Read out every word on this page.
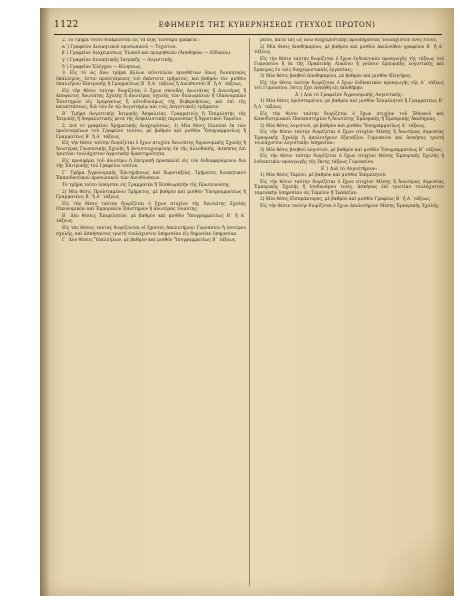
1122	ΕΦΗΜΕΡΙΣ ΤΗΣ ΚΥΒΕΡΝΗΣΕΩΣ (ΤΕΥΧΟΣ ΠΡΩΤΟΝ)

2. Τὸ Τμῆμα τοῦτο διακρίνεται εἰς τὰ ἑξῆς τέσσαρα γραφεῖα :

α΄) Γραφεῖον Διοικητικοῦ προσωπικοῦ — Τεχνίτου.

β΄) Γραφεῖον Διαχειρίσεως Ὑλικοῦ καὶ προμηθειῶν (Ἀποθηκῶν — Εἰδικῶν).

γ΄) Γραφεῖον Διοικητικῆς Ἰατρικῆς — Λογιστικῆς.

δ΄) Γραφεῖον Ἐλέγχου — Κίνησεως.

3. Εἰς τὸ ὡς ἄνω τμῆμα ἄλλων αὐτοτελῶν προσθέτων ὅπως διοικητικὸς ὑπάλληλος, ἐστιν προϊστάμενος τοῦ ἐκάστοτε τμήματος, καὶ βαθμὸν τὸν μισθὸν ὑπαλλήλου Ἐπιτροπῆς ἢ Γραμματέως Β΄ ἢ Α΄ τάξεως ἢ Διευθυντοῦ Β΄ ἢ Α΄ τάξεως.

Εἰς τὴν θέσιν ταύτην διορίζεται ὁ ἔχων σπουδὰς ἀνωτάτας ἢ ἀνωτέρας ἢ ἀποφοίτος Ἀνωτάτης Σχολῆς ἢ ἀνωτέρας σχολῆς τῶν διπλωμάτων ἢ Οἰκονομικῶν Ἐπιστημῶν εἰς ἐμπράκτως ἢ αὐτοδυνάμως τῆς Κυβερνήσεως, καὶ ἐπὶ τῆς καταστάσεως, διὰ τῶν ἐν τῷ Λογιστηρίῳ καὶ τοῖς Λογιστικοῖς τμήμασιν.

Β΄ Τμῆμα Λογιστικῆς Ἰατρικῆς Ἀσφαλείας. Γραμματεὺς ἢ Ἐπιμελητὴς τῆς Ἰατρικῆς ἢ Ἀσφαλιστικῆς μετὰ τῆς ἀσφαλιστικῆς περιουσίας ἢ Ἀγροτικοῦ Ταμείου.

2. Διὰ τὸ γραφεῖον Χρηματικῆς Διαχειρίσεως. 1) Μία θέσις ἐλλείπει ἐκ τῶν προϊσταμένων τοῦ Γραφείου τούτου, μὲ βαθμὸν καὶ μισθὸν Ὑπογραμματέως ἢ Γραμματέως Β΄ ἢ Α΄ τάξεως.

Εἰς τὴν θέσιν ταύτην διορίζεται ὁ ἔχων πτυχίον Ἀνωτάτης Ἀγρονομικῆς Σχολῆς ἢ Ἀνωτέρας Γεωπονικῆς Σχολῆς ἢ ἀντιστοιχουμένης ἐκ τῆς ἀλλοδαπῆς, ἀσκήσας ἐπὶ τριετίαν τουλάχιστον ἀγροτικὴν δραστηριότητα.

Εἰς προσφέρει τοῦ ἀνωτέρω ἡ ἐπιτροπή προσκαλεῖ εἰς τὸν ἐνδιαφερόμενον διὰ τῆς Ἐπιτροπῆς τοῦ Γραφείου τούτου.

Γ΄ Τμῆμα Ἀγρονομικῆς Ἐπιτηρήσεως καὶ Χωροταξίας. Τμήματος διοικητικοῦ Ἐκπαιδευτικοῦ προσωπικοῦ τῶν Διευθύνσεων.

Τὸ τμῆμα τοῦτο ὑπάγεται εἰς Γραμματέα ἢ Ἐπιθεωρητὴν τῆς Πρωτευούσης.

2) Μία θέσις Προϊσταμένου Τμήματος, μὲ βαθμὸν καὶ μισθὸν Ὑπογραμματέως ἢ Γραμματέως Β΄ ἢ Α΄ τάξεως.

Εἰς τὴν θέσιν ταύτην διορίζεται ὁ ἔχων πτυχίον τῆς Ἀνωτάτης Σχολῆς Οἰκονομικῶν καὶ Ἐμπορικῶν Ἐπιστημῶν ἢ ἀνωτέρας τοιαύτης.

Β΄ Δύο θέσεις Ἐπιμελητῶν, μὲ βαθμὸν καὶ μισθὸν Ὑπογραμματέως Β΄ ἢ Α΄ τάξεως.

Εἰς τὰς θέσεις ταύτας διορίζονται οἱ ἔχοντες ἀπολυτήριον Γυμνασίου ἢ ἰσοτίμου σχολῆς, καὶ ἀσκήσαντες τριετῆ τουλάχιστον ὑπηρεσίαν εἰς δημοσίαν ὑπηρεσίαν.

Γ΄ Δύο θέσεις Ὑπαλλήλων, μὲ βαθμὸν καὶ μισθὸν Ὑπογραμματέως Β΄ τάξεως.

ρείου, κατὰ τὰς ὡς ἄνω διαχειριστικῆς προϋπηρεσίας τουλάχιστον ἑνὸς ἔτους.

2) Μία θέσις ἀποθηκαρίου, μὲ βαθμὸν καὶ μισθὸν ἀκολούθου γραφείου Β΄ ἢ Α΄ τάξεως.

Εἰς τὴν θέσιν ταύτην διορίζεται ὁ ἔχων ἐνδεικτικὸν προαγωγῆς τῆς τάξεως τοῦ Γυμνασίου ἢ ἐκ τῆς Πρακτικῆς Λυκείου ἢ γνῶσιν ἐμπορικῆς λογιστικῆς καὶ ἔμπειρος ἐν ταῖς διαχειριστικαῖς ἐργασίαις.

3) Μία θέσις βοηθοῦ ἀποθηκαρίου, μὲ βαθμὸν καὶ μισθὸν Κλητῆρος.

Εἰς τὴν θέσιν ταύτην διορίζεται ὁ ἔχων ἐνδεικτικὸν προαγωγῆς τῆς Α΄ τάξεως τοῦ Γυμνασίου, ὅστις ἔχει ἀσκηθῇ εἰς ἀποθήκην.

Δ΄) Διὰ τὸ Γραφεῖον Ἀγρονομικῆς Λογιστικῆς:

1) Μία θέσις προϊσταμένου, μὲ βαθμὸν καὶ μισθὸν Ἐπιμελητοῦ ἢ Γραμματέως Β΄ ἢ Α΄ τάξεως.

Εἰς τὴν θέσιν ταύτην διορίζεται ὁ ἔχων πτυχίον τοῦ Ἐθνικοῦ καὶ Καποδιστριακοῦ Πανεπιστημίου ἢ Ἀνωτάτης Ἐμπορικῆς ἢ Ἐμπορικῆς Ἀκαδημίας.

2) Μία θέσις λογιστοῦ, μὲ βαθμὸν καὶ μισθὸν Ὑπογραμματέως Α΄ τάξεως.

Εἰς τὴν θέσιν ταύτην διορίζεται ὁ ἔχων πτυχίον Μέσης ἢ Ἀνωτέρας Δημοσίας Ἐμπορικῆς Σχολῆς ἢ ἀπολυτήριον ἑξαταξίου Γυμνασίου καὶ ἀσκήσας τριετῆ τουλάχιστον λογιστικὴν ὑπηρεσίαν.

3) Μία θέσις βοηθοῦ λογιστοῦ, μὲ βαθμὸν καὶ μισθὸν Ὑπογραμματέως Β΄ τάξεως.

Εἰς τὴν θέσιν ταύτην διορίζεται ὁ ἔχων πτυχίον Μέσης Ἐμπορικῆς Σχολῆς ἢ ἐνδεικτικὸν προαγωγῆς τῆς ἕκτης τάξεως Γυμνασίου.

Ε΄) Διὰ τὸ Λογιστήριον:

1) Μία θέσις Ταμίου, μὲ βαθμὸν καὶ μισθὸν Ἐπιμελητοῦ.

Εἰς τὴν θέσιν ταύτην διορίζεται ὁ ἔχων πτυχίον Μέσης ἢ Ἀνωτέρας Δημοσίας Ἐμπορικῆς Σχολῆς ἢ ἰσοδυνάμου τινός, ἀσκήσας ἐπὶ τριετίαν τουλάχιστον ταμειακὴν ὑπηρεσίαν εἰς Ταμεῖον ἢ Τράπεζαν.

2) Μία θέσις Εἰσπράκτορος, μὲ βαθμὸν καὶ μισθὸν Γραφέως Β΄ ἢ Α΄ τάξεως.

Εἰς τὴν θέσιν ταύτην διορίζεται ὁ ἔχων ἀπολυτήριον Μέσης Ἐμπορικῆς Σχολῆς.
